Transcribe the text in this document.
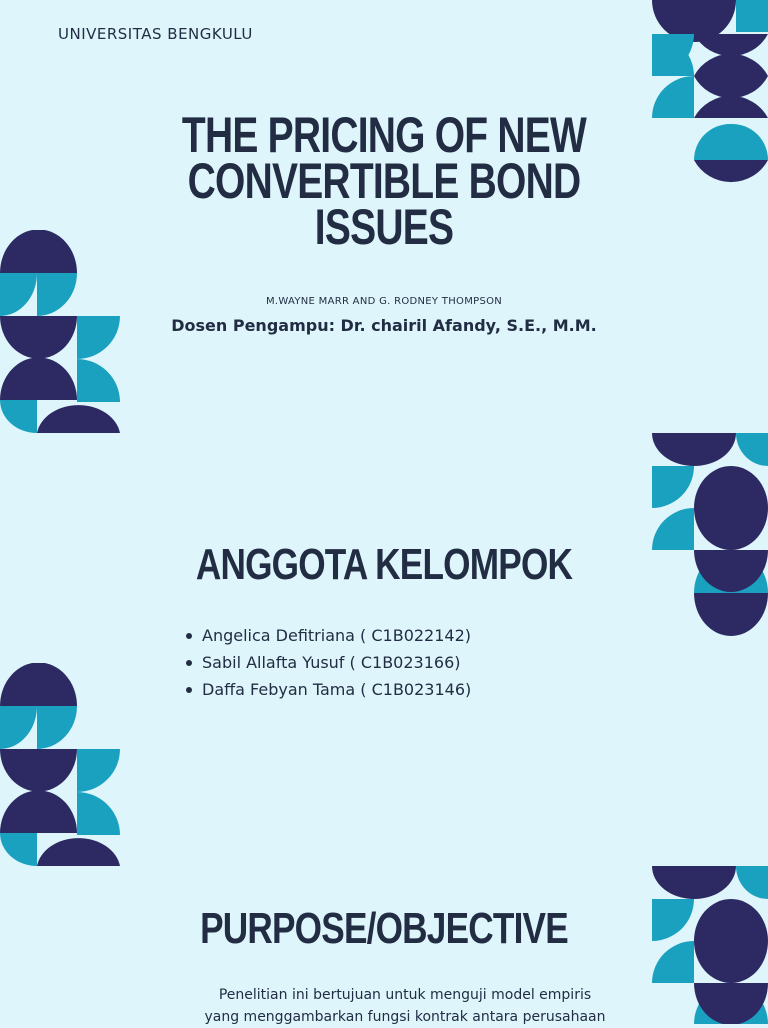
UNIVERSITAS BENGKULU
THE PRICING OF NEW
CONVERTIBLE BOND
ISSUES
M.WAYNE MARR AND G. RODNEY THOMPSON
Dosen Pengampu: Dr. chairil Afandy, S.E., M.M.
ANGGOTA KELOMPOK
Angelica Defitriana ( C1B022142)
Sabil Allafta Yusuf ( C1B023166)
Daffa Febyan Tama ( C1B023146)
PURPOSE/OBJECTIVE
Penelitian ini bertujuan untuk menguji model empiris
yang menggambarkan fungsi kontrak antara perusahaan
